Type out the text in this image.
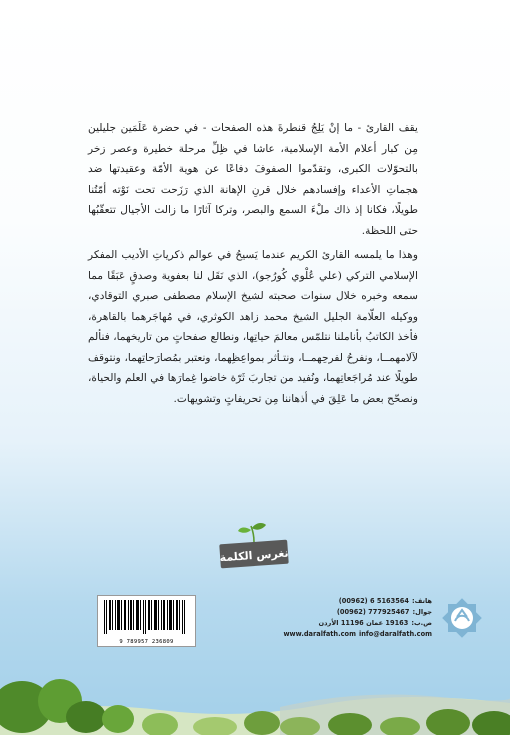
يقف القارئ - ما إنْ يَلِجُ قنطرةَ هذه الصفحات - في حضرة عَلَمَين جليلين مِن كبار أعلام الأمة الإسلامية، عاشا في ظِلِّ مرحلة خطيرة وعصر زخر بالتحوّلات الكبرى، وتقدّموا الصفوفَ دفاعًا عن هوية الأمّة وعقيدتها ضد هجماتِ الأعداء وإفسادهم خلال قرنِ الإهانة الذي رَزَحت تحت نَوْته أمّتُنا طويلًا، فكانا إذ ذاك ملْءَ السمع والبصر، وتركا آثارًا ما زالت الأجيال تتعقّبُها حتى اللحظة.

وهذا ما يلمسه القارئ الكريم عندما يَسيحُ في عوالم ذكرياتِ الأديب المفكر الإسلامي التركي (علي عُلْوي كُورُجو)، الذي نَقَل لنا بعفوية وصدقٍ عَبَقًا مما سمعه وخبره خلال سنوات صحبته لشيخ الإسلام مصطفى صبري التوقادي، ووكيله العلّامة الجليل الشيخ محمد زاهد الكوثري، في مُهاجَرهما بالقاهرة، فأخذ الكاتبُ بأناملنا نتلمّس معالمَ حياتِها، ونطالع صفحاتٍ من تاريخهما، فنألم لآلامهمــا، ونفرحُ لفرحِهمــا، ونتـأثر بمواعِظِهما، ونعتبر بمُصارَحاتِهما، ونتوقف طويلًا عند مُراجَعاتِهما، ونُفيد من تجاربَ ثَرّة خاضوا غِمارَها في العلم والحياة، ونصحّح بعض ما عَلِقَ في أذهاننا مِن تحريفاتٍ وتشويهات.

نغرس الكلمة
9 789957 236809
(00962) 6 5163564 هاتف:
(00962) 777925467 جوال:
19163 عمان 11196 الأردن ص.ب:
www.daralfath.com info@daralfath.com
